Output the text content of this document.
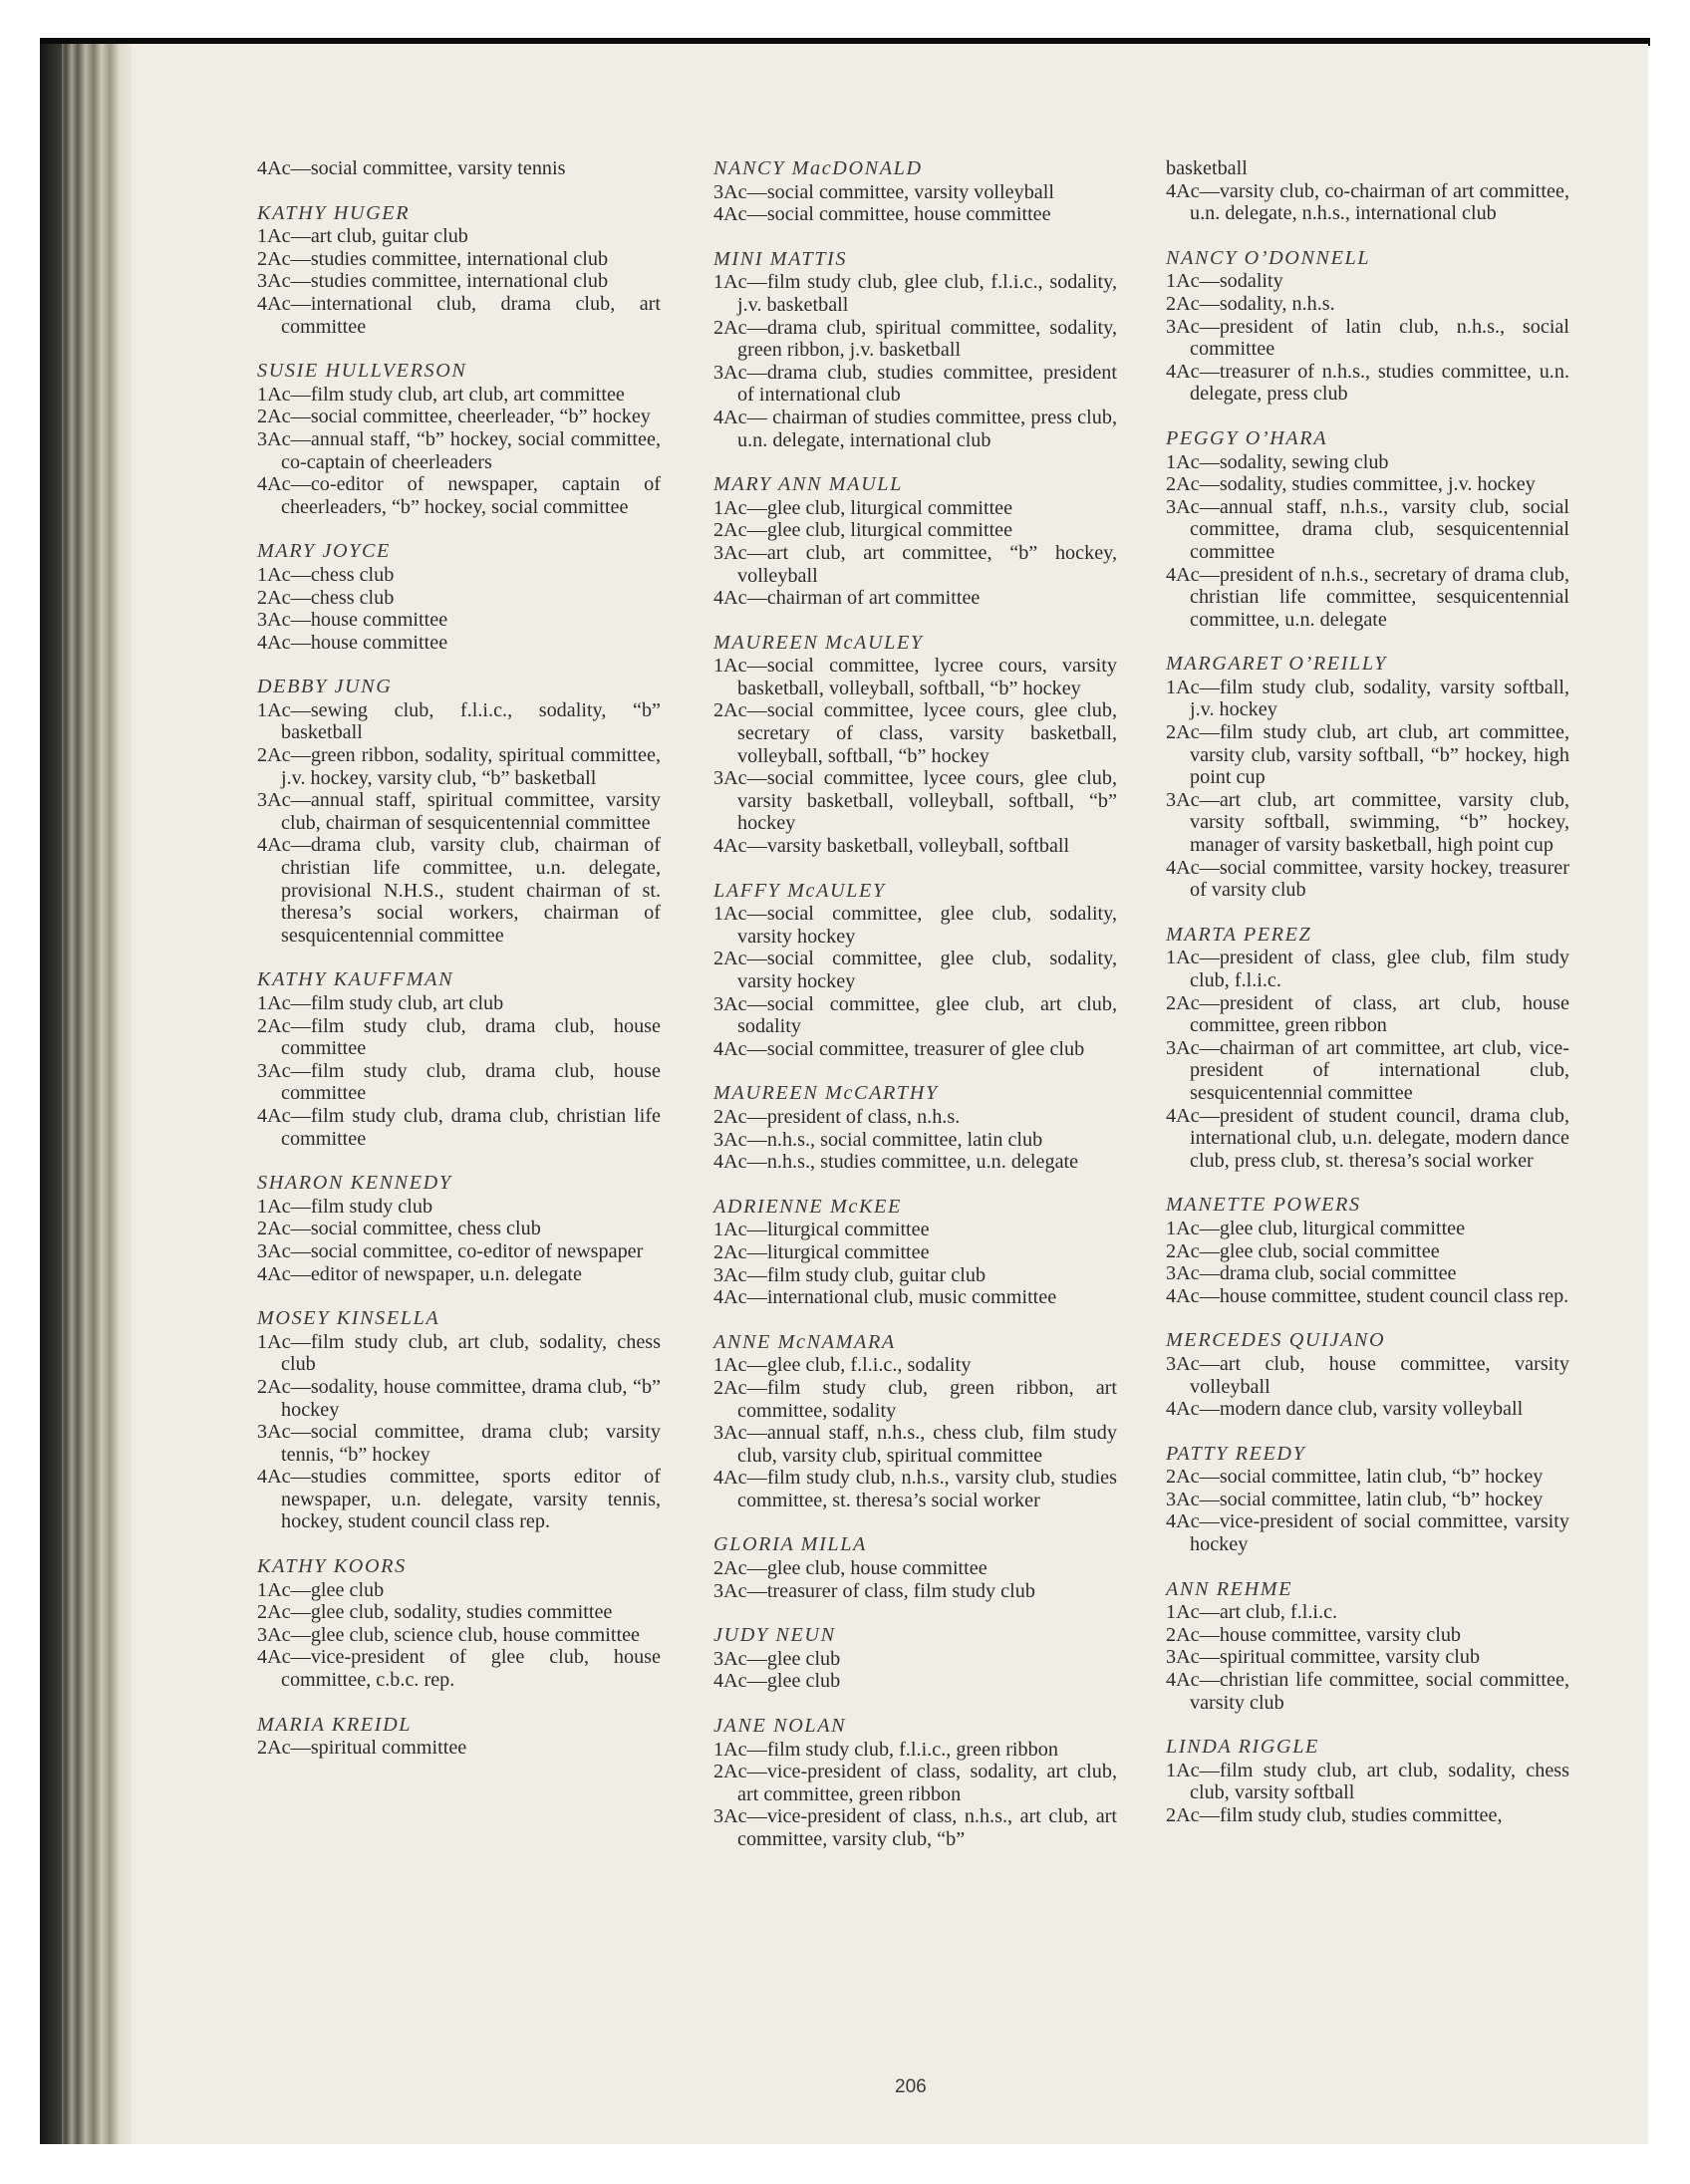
4Ac—social committee, varsity tennis
KATHY HUGER
1Ac—art club, guitar club
2Ac—studies committee, international club
3Ac—studies committee, international club
4Ac—international club, drama club, art committee
SUSIE HULLVERSON
1Ac—film study club, art club, art committee
2Ac—social committee, cheerleader, “b” hockey
3Ac—annual staff, “b” hockey, social committee, co-captain of cheerleaders
4Ac—co-editor of newspaper, captain of cheerleaders, “b” hockey, social committee
MARY JOYCE
1Ac—chess club
2Ac—chess club
3Ac—house committee
4Ac—house committee
DEBBY JUNG
1Ac—sewing club, f.l.i.c., sodality, “b” basketball
2Ac—green ribbon, sodality, spiritual committee, j.v. hockey, varsity club, “b” basketball
3Ac—annual staff, spiritual committee, varsity club, chairman of sesquicentennial committee
4Ac—drama club, varsity club, chairman of christian life committee, u.n. delegate, provisional N.H.S., student chairman of st. theresa’s social workers, chairman of sesquicentennial committee
KATHY KAUFFMAN
1Ac—film study club, art club
2Ac—film study club, drama club, house committee
3Ac—film study club, drama club, house committee
4Ac—film study club, drama club, christian life committee
SHARON KENNEDY
1Ac—film study club
2Ac—social committee, chess club
3Ac—social committee, co-editor of newspaper
4Ac—editor of newspaper, u.n. delegate
MOSEY KINSELLA
1Ac—film study club, art club, sodality, chess club
2Ac—sodality, house committee, drama club, “b” hockey
3Ac—social committee, drama club; varsity tennis, “b” hockey
4Ac—studies committee, sports editor of newspaper, u.n. delegate, varsity tennis, hockey, student council class rep.
KATHY KOORS
1Ac—glee club
2Ac—glee club, sodality, studies committee
3Ac—glee club, science club, house committee
4Ac—vice-president of glee club, house committee, c.b.c. rep.
MARIA KREIDL
2Ac—spiritual committee
NANCY MacDONALD
3Ac—social committee, varsity volleyball
4Ac—social committee, house committee
MINI MATTIS
1Ac—film study club, glee club, f.l.i.c., sodality, j.v. basketball
2Ac—drama club, spiritual committee, sodality, green ribbon, j.v. basketball
3Ac—drama club, studies committee, president of international club
4Ac— chairman of studies committee, press club, u.n. delegate, international club
MARY ANN MAULL
1Ac—glee club, liturgical committee
2Ac—glee club, liturgical committee
3Ac—art club, art committee, “b” hockey, volleyball
4Ac—chairman of art committee
MAUREEN McAULEY
1Ac—social committee, lycree cours, varsity basketball, volleyball, softball, “b” hockey
2Ac—social committee, lycee cours, glee club, secretary of class, varsity basketball, volleyball, softball, “b” hockey
3Ac—social committee, lycee cours, glee club, varsity basketball, volleyball, softball, “b” hockey
4Ac—varsity basketball, volleyball, softball
LAFFY McAULEY
1Ac—social committee, glee club, sodality, varsity hockey
2Ac—social committee, glee club, sodality, varsity hockey
3Ac—social committee, glee club, art club, sodality
4Ac—social committee, treasurer of glee club
MAUREEN McCARTHY
2Ac—president of class, n.h.s.
3Ac—n.h.s., social committee, latin club
4Ac—n.h.s., studies committee, u.n. delegate
ADRIENNE McKEE
1Ac—liturgical committee
2Ac—liturgical committee
3Ac—film study club, guitar club
4Ac—international club, music committee
ANNE McNAMARA
1Ac—glee club, f.l.i.c., sodality
2Ac—film study club, green ribbon, art committee, sodality
3Ac—annual staff, n.h.s., chess club, film study club, varsity club, spiritual committee
4Ac—film study club, n.h.s., varsity club, studies committee, st. theresa’s social worker
GLORIA MILLA
2Ac—glee club, house committee
3Ac—treasurer of class, film study club
JUDY NEUN
3Ac—glee club
4Ac—glee club
JANE NOLAN
1Ac—film study club, f.l.i.c., green ribbon
2Ac—vice-president of class, sodality, art club, art committee, green ribbon
3Ac—vice-president of class, n.h.s., art club, art committee, varsity club, “b”
basketball
4Ac—varsity club, co-chairman of art committee, u.n. delegate, n.h.s., international club
NANCY O’DONNELL
1Ac—sodality
2Ac—sodality, n.h.s.
3Ac—president of latin club, n.h.s., social committee
4Ac—treasurer of n.h.s., studies committee, u.n. delegate, press club
PEGGY O’HARA
1Ac—sodality, sewing club
2Ac—sodality, studies committee, j.v. hockey
3Ac—annual staff, n.h.s., varsity club, social committee, drama club, sesquicentennial committee
4Ac—president of n.h.s., secretary of drama club, christian life committee, sesquicentennial committee, u.n. delegate
MARGARET O’REILLY
1Ac—film study club, sodality, varsity softball, j.v. hockey
2Ac—film study club, art club, art committee, varsity club, varsity softball, “b” hockey, high point cup
3Ac—art club, art committee, varsity club, varsity softball, swimming, “b” hockey, manager of varsity basketball, high point cup
4Ac—social committee, varsity hockey, treasurer of varsity club
MARTA PEREZ
1Ac—president of class, glee club, film study club, f.l.i.c.
2Ac—president of class, art club, house committee, green ribbon
3Ac—chairman of art committee, art club, vice-president of international club, sesquicentennial committee
4Ac—president of student council, drama club, international club, u.n. delegate, modern dance club, press club, st. theresa’s social worker
MANETTE POWERS
1Ac—glee club, liturgical committee
2Ac—glee club, social committee
3Ac—drama club, social committee
4Ac—house committee, student council class rep.
MERCEDES QUIJANO
3Ac—art club, house committee, varsity volleyball
4Ac—modern dance club, varsity volleyball
PATTY REEDY
2Ac—social committee, latin club, “b” hockey
3Ac—social committee, latin club, “b” hockey
4Ac—vice-president of social committee, varsity hockey
ANN REHME
1Ac—art club, f.l.i.c.
2Ac—house committee, varsity club
3Ac—spiritual committee, varsity club
4Ac—christian life committee, social committee, varsity club
LINDA RIGGLE
1Ac—film study club, art club, sodality, chess club, varsity softball
2Ac—film study club, studies committee,
206
